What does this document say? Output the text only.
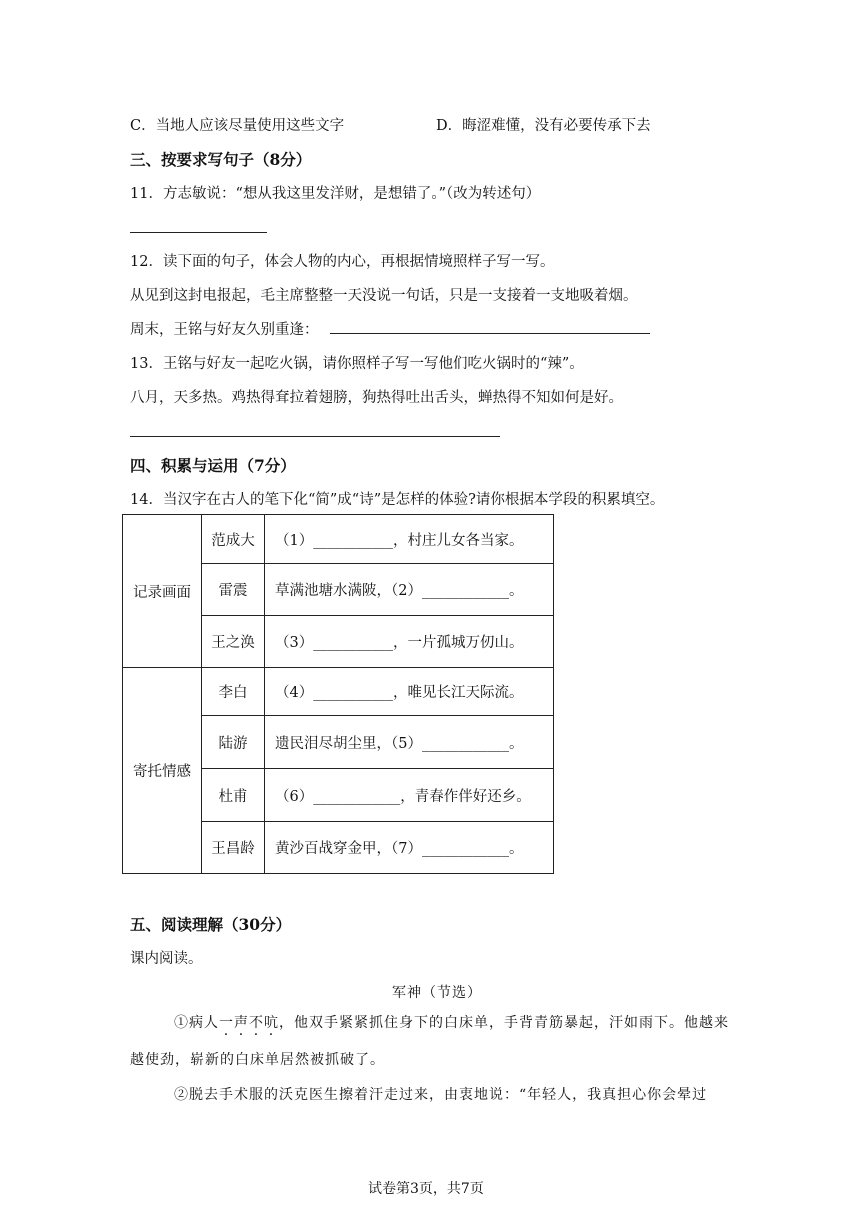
C．当地人应该尽量使用这些文字	D．晦涩难懂，没有必要传承下去
三、按要求写句子（8分）
11．方志敏说：“想从我这里发洋财，是想错了。”（改为转述句）
12．读下面的句子，体会人物的内心，再根据情境照样子写一写。
从见到这封电报起，毛主席整整一天没说一句话，只是一支接着一支地吸着烟。
周末，王铭与好友久别重逢：
13．王铭与好友一起吃火锅，请你照样子写一写他们吃火锅时的“辣”。
八月，天多热。鸡热得耷拉着翅膀，狗热得吐出舌头，蝉热得不知如何是好。
四、积累与运用（7分）
14．当汉字在古人的笔下化“简”成“诗”是怎样的体验?请你根据本学段的积累填空。
记录画面	范成大	（1）___________，村庄儿女各当家。
	雷震	草满池塘水满陂，（2）____________。
	王之涣	（3）___________，一片孤城万仞山。
寄托情感	李白	（4）___________，唯见长江天际流。
	陆游	遗民泪尽胡尘里，（5）____________。
	杜甫	（6）____________，青春作伴好还乡。
	王昌龄	黄沙百战穿金甲，（7）____________。
五、阅读理解（30分）
课内阅读。
军神（节选）
①病人一声不吭，他双手紧紧抓住身下的白床单，手背青筋暴起，汗如雨下。他越来
越使劲，崭新的白床单居然被抓破了。
②脱去手术服的沃克医生擦着汗走过来，由衷地说：“年轻人，我真担心你会晕过
试卷第3页，共7页
